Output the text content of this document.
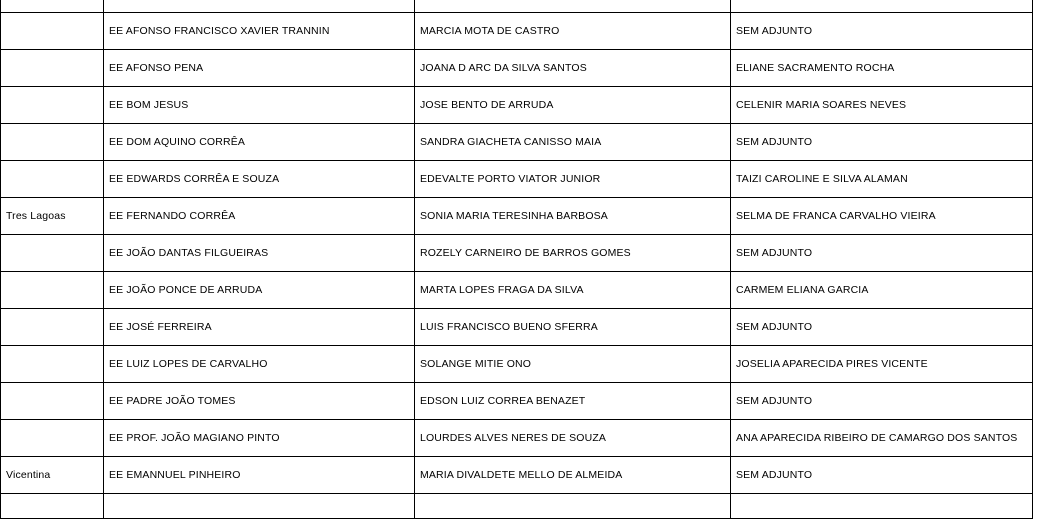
	EE AFONSO FRANCISCO XAVIER TRANNIN	MARCIA MOTA DE CASTRO	SEM ADJUNTO
	EE AFONSO PENA	JOANA D ARC DA SILVA SANTOS	ELIANE SACRAMENTO ROCHA
	EE BOM JESUS	JOSE BENTO DE ARRUDA	CELENIR MARIA SOARES NEVES
	EE DOM AQUINO CORRÊA	SANDRA GIACHETA CANISSO MAIA	SEM ADJUNTO
	EE EDWARDS CORRÊA E SOUZA	EDEVALTE PORTO VIATOR JUNIOR	TAIZI CAROLINE E SILVA ALAMAN
Tres Lagoas	EE FERNANDO CORRÊA	SONIA MARIA TERESINHA BARBOSA	SELMA DE FRANCA CARVALHO VIEIRA
	EE JOÃO DANTAS FILGUEIRAS	ROZELY CARNEIRO DE BARROS GOMES	SEM ADJUNTO
	EE JOÃO PONCE DE ARRUDA	MARTA LOPES FRAGA DA SILVA	CARMEM ELIANA GARCIA
	EE JOSÉ FERREIRA	LUIS FRANCISCO BUENO SFERRA	SEM ADJUNTO
	EE LUIZ LOPES DE CARVALHO	SOLANGE MITIE ONO	JOSELIA APARECIDA PIRES VICENTE
	EE PADRE JOÃO TOMES	EDSON LUIZ CORREA BENAZET	SEM ADJUNTO
	EE PROF. JOÃO MAGIANO PINTO	LOURDES ALVES NERES DE SOUZA	ANA APARECIDA RIBEIRO DE CAMARGO DOS SANTOS
Vicentina	EE EMANNUEL PINHEIRO	MARIA DIVALDETE MELLO DE ALMEIDA	SEM ADJUNTO
